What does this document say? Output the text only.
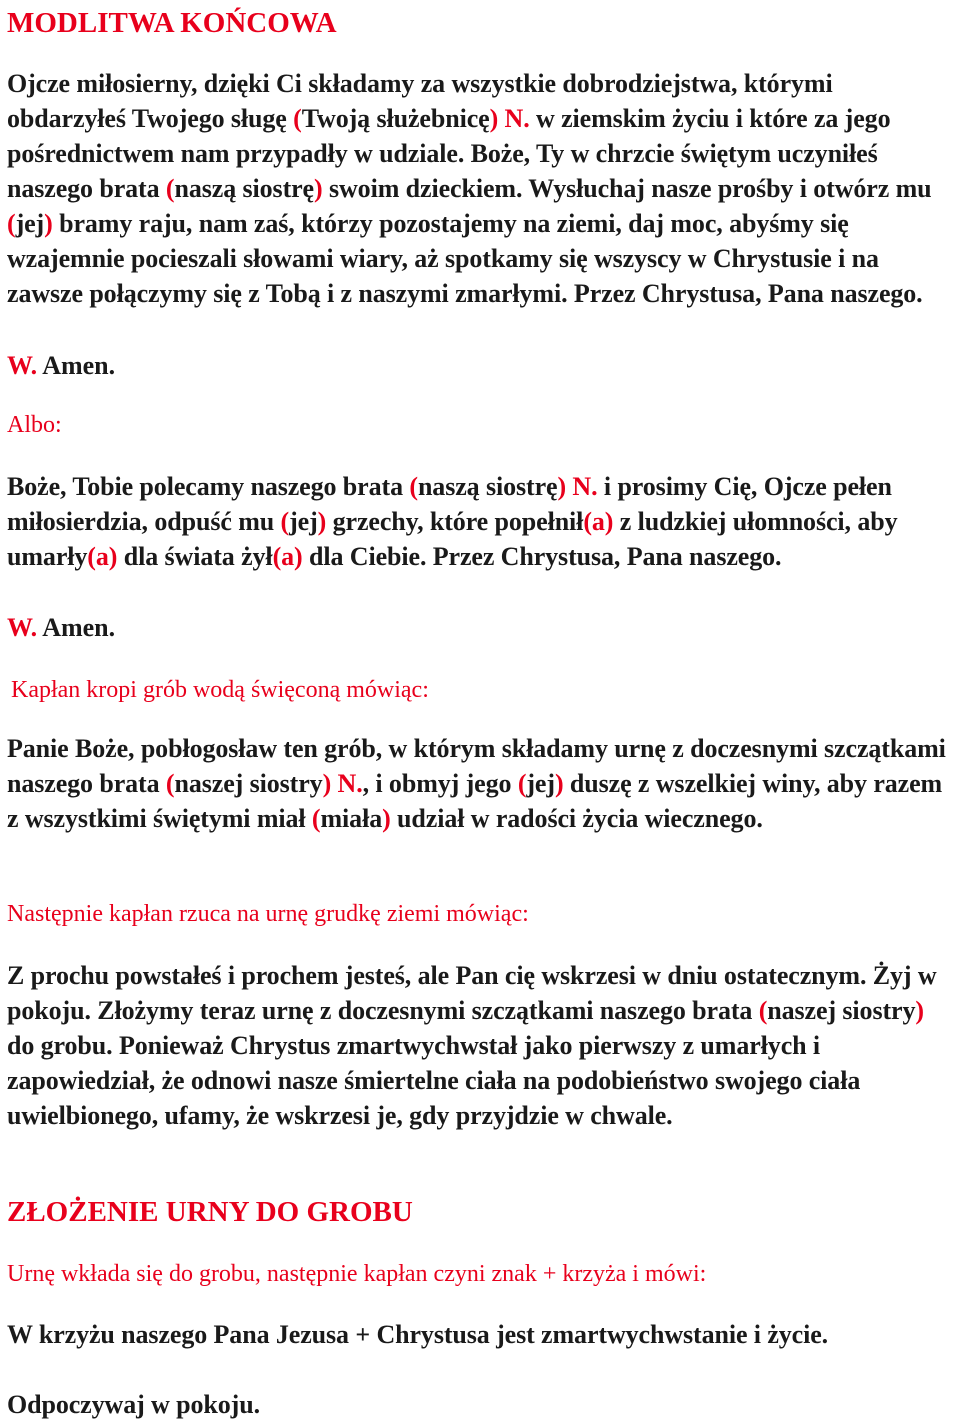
MODLITWA KOŃCOWA

Ojcze miłosierny, dzięki Ci składamy za wszystkie dobrodziejstwa, którymi obdarzyłeś Twojego sługę (Twoją służebnicę) N. w ziemskim życiu i które za jego pośrednictwem nam przypadły w udziale. Boże, Ty w chrzcie świętym uczyniłeś naszego brata (naszą siostrę) swoim dzieckiem. Wysłuchaj nasze prośby i otwórz mu (jej) bramy raju, nam zaś, którzy pozostajemy na ziemi, daj moc, abyśmy się wzajemnie pocieszali słowami wiary, aż spotkamy się wszyscy w Chrystusie i na zawsze połączymy się z Tobą i z naszymi zmarłymi. Przez Chrystusa, Pana naszego.

W. Amen.

Albo:

Boże, Tobie polecamy naszego brata (naszą siostrę) N. i prosimy Cię, Ojcze pełen miłosierdzia, odpuść mu (jej) grzechy, które popełnił(a) z ludzkiej ułomności, aby umarły(a) dla świata żył(a) dla Ciebie. Przez Chrystusa, Pana naszego.

W. Amen.

Kapłan kropi grób wodą święconą mówiąc:

Panie Boże, pobłogosław ten grób, w którym składamy urnę z doczesnymi szczątkami naszego brata (naszej siostry) N., i obmyj jego (jej) duszę z wszelkiej winy, aby razem z wszystkimi świętymi miał (miała) udział w radości życia wiecznego.

Następnie kapłan rzuca na urnę grudkę ziemi mówiąc:

Z prochu powstałeś i prochem jesteś, ale Pan cię wskrzesi w dniu ostatecznym. Żyj w pokoju. Złożymy teraz urnę z doczesnymi szczątkami naszego brata (naszej siostry) do grobu. Ponieważ Chrystus zmartwychwstał jako pierwszy z umarłych i zapowiedział, że odnowi nasze śmiertelne ciała na podobieństwo swojego ciała uwielbionego, ufamy, że wskrzesi je, gdy przyjdzie w chwale.

ZŁOŻENIE URNY DO GROBU

Urnę wkłada się do grobu, następnie kapłan czyni znak + krzyża i mówi:

W krzyżu naszego Pana Jezusa + Chrystusa jest zmartwychwstanie i życie.

Odpoczywaj w pokoju.
